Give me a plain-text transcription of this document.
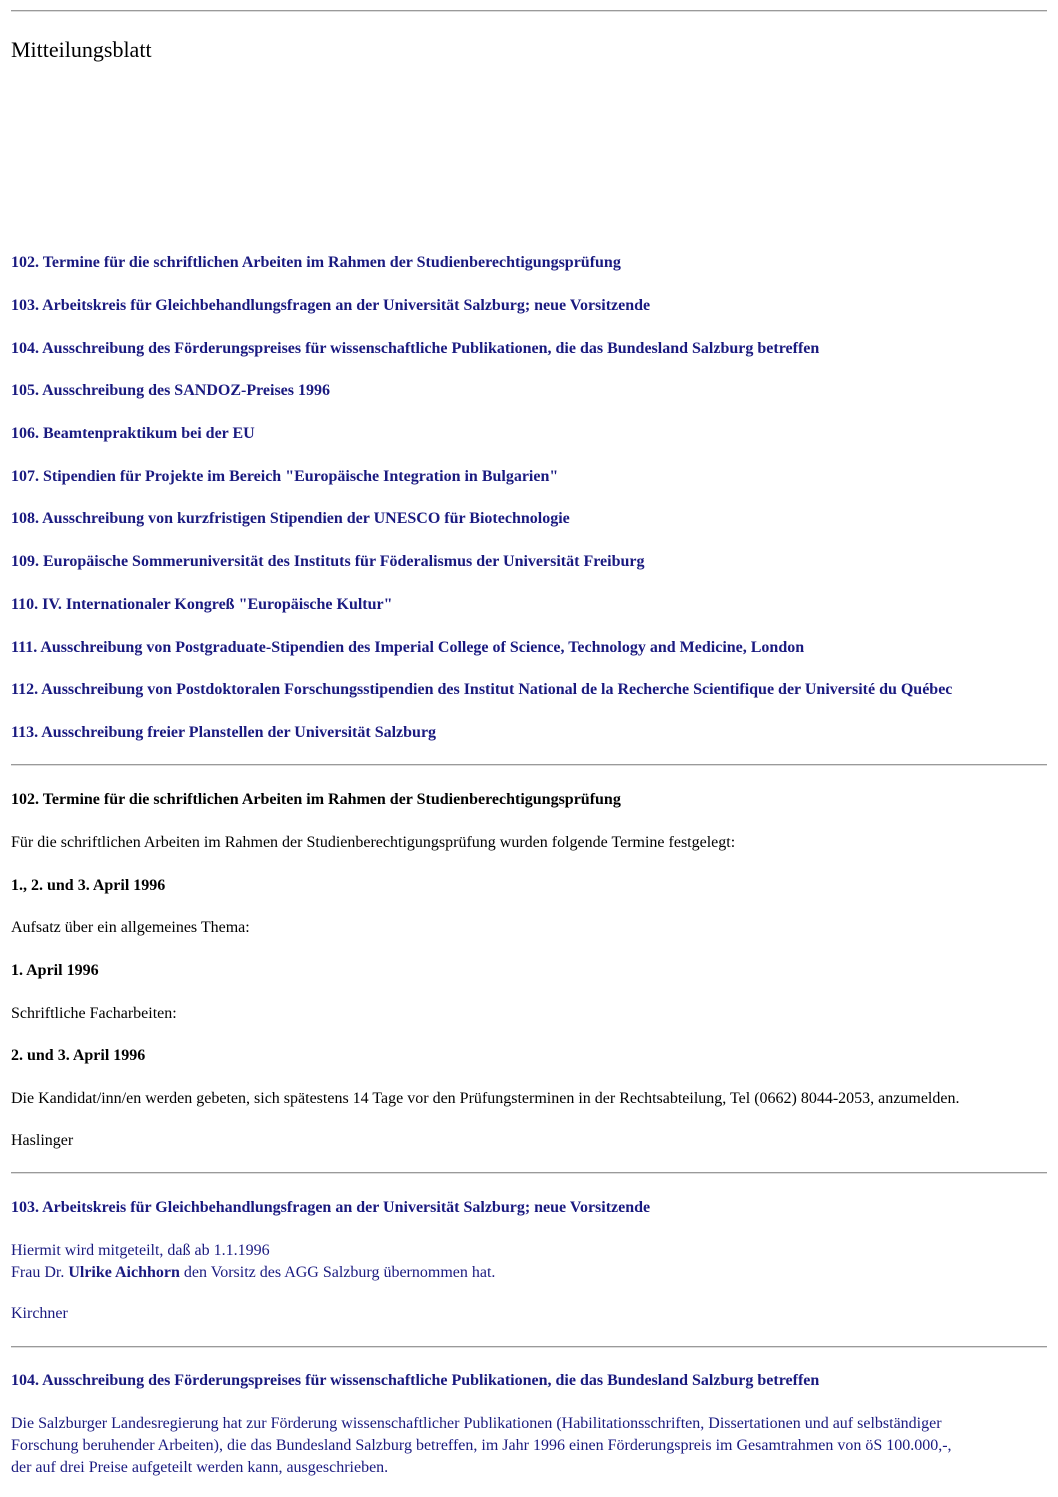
Mitteilungsblatt
102. Termine für die schriftlichen Arbeiten im Rahmen der Studienberechtigungsprüfung
103. Arbeitskreis für Gleichbehandlungsfragen an der Universität Salzburg; neue Vorsitzende
104. Ausschreibung des Förderungspreises für wissenschaftliche Publikationen, die das Bundesland Salzburg betreffen
105. Ausschreibung des SANDOZ-Preises 1996
106. Beamtenpraktikum bei der EU
107. Stipendien für Projekte im Bereich "Europäische Integration in Bulgarien"
108. Ausschreibung von kurzfristigen Stipendien der UNESCO für Biotechnologie
109. Europäische Sommeruniversität des Instituts für Föderalismus der Universität Freiburg
110. IV. Internationaler Kongreß "Europäische Kultur"
111. Ausschreibung von Postgraduate-Stipendien des Imperial College of Science, Technology and Medicine, London
112. Ausschreibung von Postdoktoralen Forschungsstipendien des Institut National de la Recherche Scientifique der Université du Québec
113. Ausschreibung freier Planstellen der Universität Salzburg

102. Termine für die schriftlichen Arbeiten im Rahmen der Studienberechtigungsprüfung

Für die schriftlichen Arbeiten im Rahmen der Studienberechtigungsprüfung wurden folgende Termine festgelegt:

1., 2. und 3. April 1996

Aufsatz über ein allgemeines Thema:

1. April 1996

Schriftliche Facharbeiten:

2. und 3. April 1996

Die Kandidat/inn/en werden gebeten, sich spätestens 14 Tage vor den Prüfungsterminen in der Rechtsabteilung, Tel (0662) 8044-2053, anzumelden.

Haslinger

103. Arbeitskreis für Gleichbehandlungsfragen an der Universität Salzburg; neue Vorsitzende

Hiermit wird mitgeteilt, daß ab 1.1.1996

Frau Dr. Ulrike Aichhorn den Vorsitz des AGG Salzburg übernommen hat.

Kirchner

104. Ausschreibung des Förderungspreises für wissenschaftliche Publikationen, die das Bundesland Salzburg betreffen

Die Salzburger Landesregierung hat zur Förderung wissenschaftlicher Publikationen (Habilitationsschriften, Dissertationen und auf selbständiger

Forschung beruhender Arbeiten), die das Bundesland Salzburg betreffen, im Jahr 1996 einen Förderungspreis im Gesamtrahmen von öS 100.000,-,

der auf drei Preise aufgeteilt werden kann, ausgeschrieben.
